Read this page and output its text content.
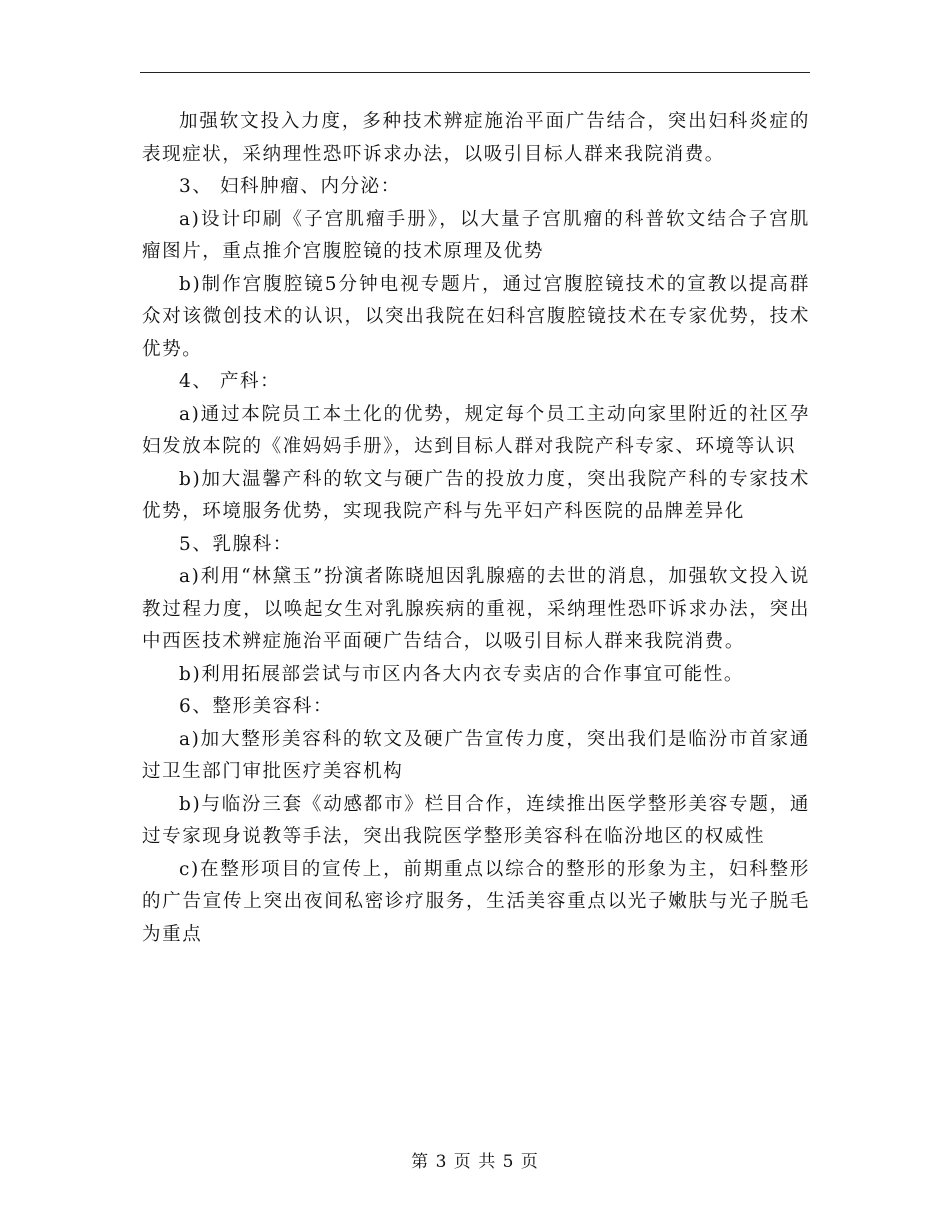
加强软文投入力度，多种技术辨症施治平面广告结合，突出妇科炎症的表现症状，采纳理性恐吓诉求办法，以吸引目标人群来我院消费。

3、 妇科肿瘤、内分泌：

a)设计印刷《子宫肌瘤手册》，以大量子宫肌瘤的科普软文结合子宫肌瘤图片，重点推介宫腹腔镜的技术原理及优势

b)制作宫腹腔镜5分钟电视专题片，通过宫腹腔镜技术的宣教以提高群众对该微创技术的认识，以突出我院在妇科宫腹腔镜技术在专家优势，技术优势。

4、 产科：

a)通过本院员工本土化的优势，规定每个员工主动向家里附近的社区孕妇发放本院的《准妈妈手册》，达到目标人群对我院产科专家、环境等认识

b)加大温馨产科的软文与硬广告的投放力度，突出我院产科的专家技术优势，环境服务优势，实现我院产科与先平妇产科医院的品牌差异化

5、乳腺科：

a)利用“林黛玉”扮演者陈晓旭因乳腺癌的去世的消息，加强软文投入说教过程力度，以唤起女生对乳腺疾病的重视，采纳理性恐吓诉求办法，突出中西医技术辨症施治平面硬广告结合，以吸引目标人群来我院消费。

b)利用拓展部尝试与市区内各大内衣专卖店的合作事宜可能性。

6、整形美容科：

a)加大整形美容科的软文及硬广告宣传力度，突出我们是临汾市首家通过卫生部门审批医疗美容机构

b)与临汾三套《动感都市》栏目合作，连续推出医学整形美容专题，通过专家现身说教等手法，突出我院医学整形美容科在临汾地区的权威性

c)在整形项目的宣传上，前期重点以综合的整形的形象为主，妇科整形的广告宣传上突出夜间私密诊疗服务，生活美容重点以光子嫩肤与光子脱毛为重点

第 3 页 共 5 页
